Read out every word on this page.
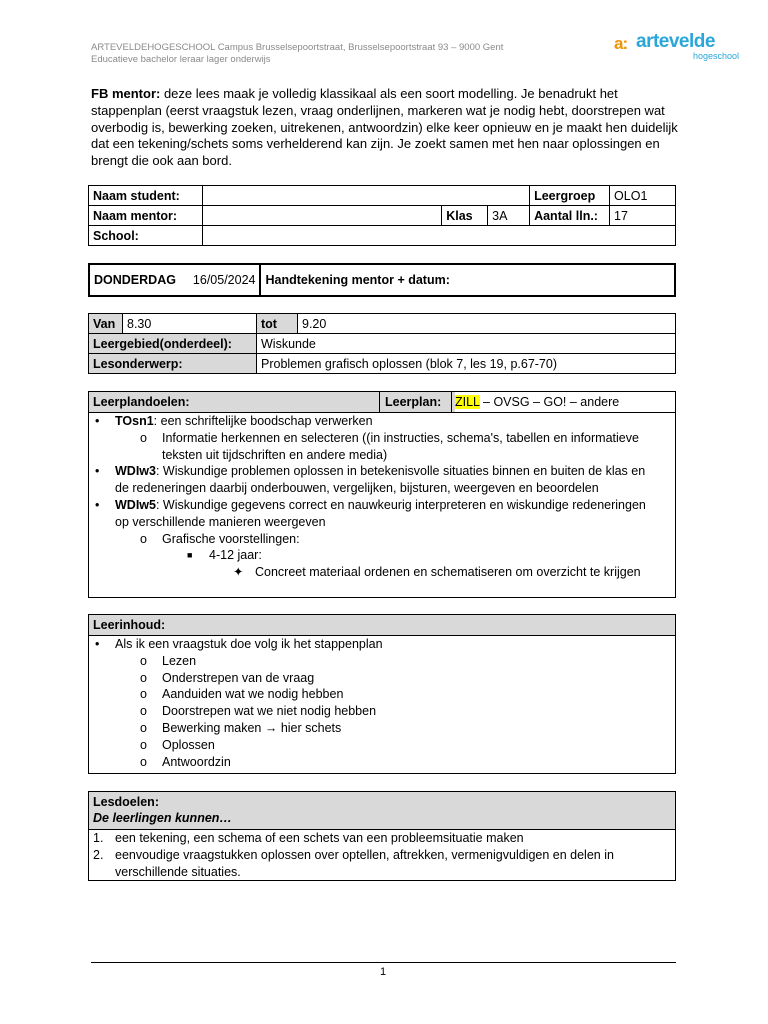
ARTEVELDEHOGESCHOOL Campus Brusselsepoortstraat, Brusselsepoortstraat 93 – 9000 Gent
Educatieve bachelor leraar lager onderwijs
a: artevelde
hogeschool
FB mentor: deze lees maak je volledig klassikaal als een soort modelling. Je benadrukt het stappenplan (eerst vraagstuk lezen, vraag onderlijnen, markeren wat je nodig hebt, doorstrepen wat overbodig is, bewerking zoeken, uitrekenen, antwoordzin) elke keer opnieuw en je maakt hen duidelijk dat een tekening/schets soms verhelderend kan zijn. Je zoekt samen met hen naar oplossingen en brengt die ook aan bord.
Naam student:				Leergroep	OLO1
Naam mentor:		Klas	3A	Aantal lln.:	17
School:					
DONDERDAG 16/05/2024	Handtekening mentor + datum:
Van	8.30	tot	9.20
Leergebied(onderdeel):		Wiskunde	
Lesonderwerp:		Problemen grafisch oplossen (blok 7, les 19, p.67-70)	
Leerplandoelen:	Leerplan: ZILL – OVSG – GO! – andere
• TOsn1: een schriftelijke boodschap verwerken
o Informatie herkennen en selecteren ((in instructies, schema's, tabellen en informatieve
teksten uit tijdschriften en andere media)
• WDIw3: Wiskundige problemen oplossen in betekenisvolle situaties binnen en buiten de klas en
de redeneringen daarbij onderbouwen, vergelijken, bijsturen, weergeven en beoordelen
• WDIw5: Wiskundige gegevens correct en nauwkeurig interpreteren en wiskundige redeneringen
op verschillende manieren weergeven
o Grafische voorstellingen:
■ 4-12 jaar:
✦ Concreet materiaal ordenen en schematiseren om overzicht te krijgen
Leerinhoud:
• Als ik een vraagstuk doe volg ik het stappenplan
o Lezen
o Onderstrepen van de vraag
o Aanduiden wat we nodig hebben
o Doorstrepen wat we niet nodig hebben
o Bewerking maken → hier schets
o Oplossen
o Antwoordzin
Lesdoelen:
De leerlingen kunnen…
1. een tekening, een schema of een schets van een probleemsituatie maken
2. eenvoudige vraagstukken oplossen over optellen, aftrekken, vermenigvuldigen en delen in
verschillende situaties.
1
